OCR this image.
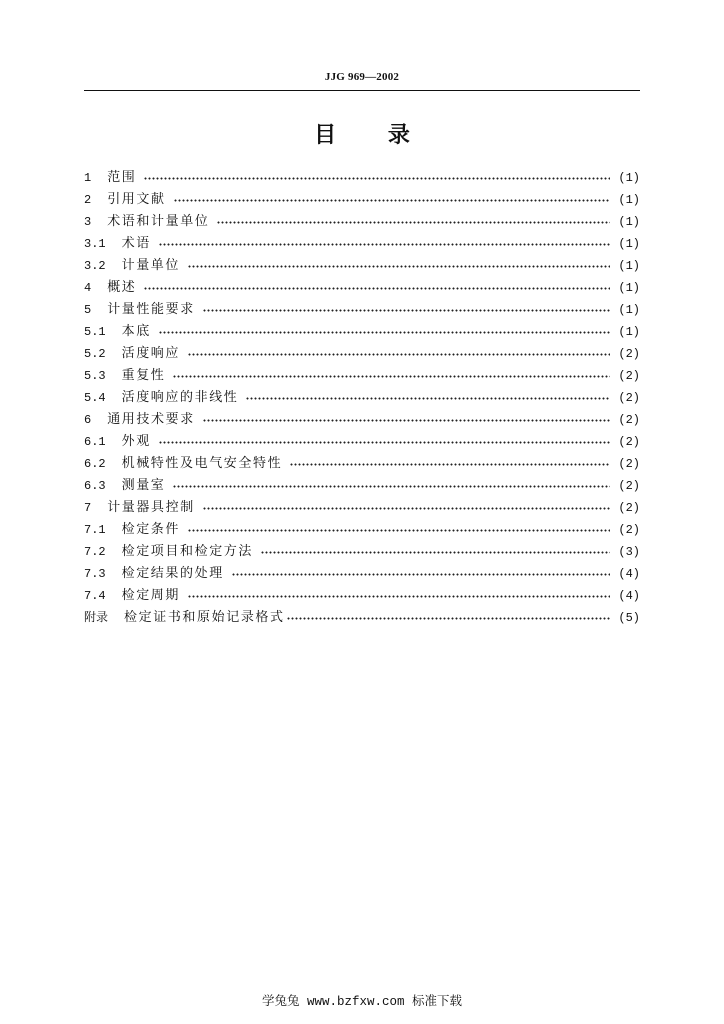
JJG 969—2002
目 录
1 范围	(1)
2 引用文献	(1)
3 术语和计量单位	(1)
3.1 术语	(1)
3.2 计量单位	(1)
4 概述	(1)
5 计量性能要求	(1)
5.1 本底	(1)
5.2 活度响应	(2)
5.3 重复性	(2)
5.4 活度响应的非线性	(2)
6 通用技术要求	(2)
6.1 外观	(2)
6.2 机械特性及电气安全特性	(2)
6.3 测量室	(2)
7 计量器具控制	(2)
7.1 检定条件	(2)
7.2 检定项目和检定方法	(3)
7.3 检定结果的处理	(4)
7.4 检定周期	(4)
附录 检定证书和原始记录格式	(5)
学兔兔 www.bzfxw.com 标准下载
